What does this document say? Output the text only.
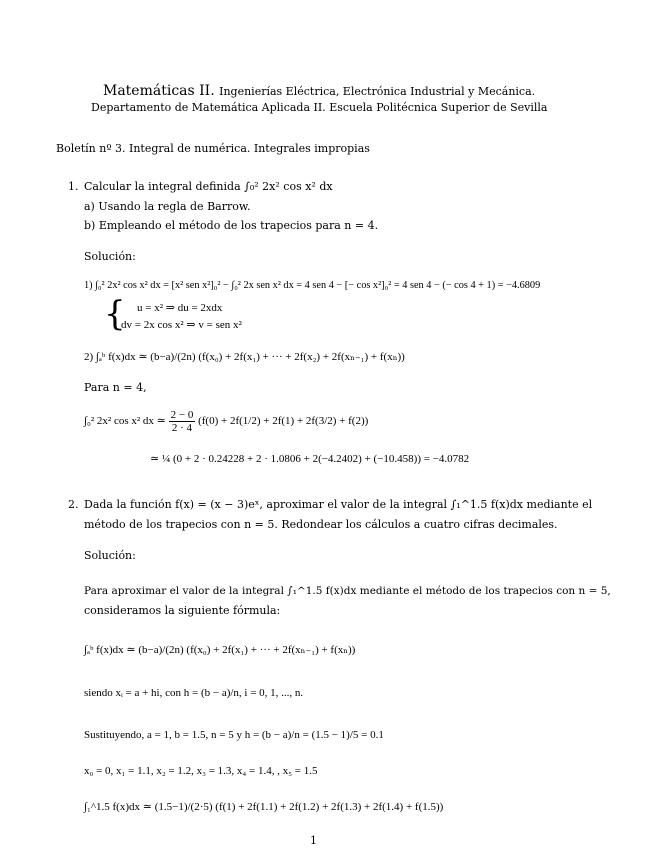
Matemáticas II. Ingenierías Eléctrica, Electrónica Industrial y Mecánica.
Departamento de Matemática Aplicada II. Escuela Politécnica Superior de Sevilla
Boletín nº 3. Integral de numérica. Integrales impropias
1. Calcular la integral definida ∫₀² 2x² cos x² dx
a) Usando la regla de Barrow.
b) Empleando el método de los trapecios para n = 4.
Solución:
1) ∫₀² 2x² cos x² dx = [x² sen x²]₀² − ∫₀² 2x sen x² dx = 4 sen 4 − [− cos x²]₀² = 4 sen 4 − (− cos 4 + 1) = −4.6809
{ u = x² ⇒ du = 2xdx
dv = 2x cos x² ⇒ v = sen x²
2) ∫ₐᵇ f(x)dx ≃ (b−a)/(2n) (f(x₀) + 2f(x₁) + ··· + 2f(x₂) + 2f(xₙ₋₁) + f(xₙ))
Para n = 4,
∫₀² 2x² cos x² dx ≃ $\frac{2 - 0}{2 \cdot 4} (f(0) + 2f(1/2) + 2f(1) + 2f(3/2) + f(2))$
≃ ¼ (0 + 2 · 0.24228 + 2 · 1.0806 + 2(−4.2402) + (−10.458)) = −4.0782
2. Dada la función f(x) = (x − 3)eˣ, aproximar el valor de la integral ∫₁^1.5 f(x)dx mediante el
método de los trapecios con n = 5. Redondear los cálculos a cuatro cifras decimales.
Solución:
Para aproximar el valor de la integral ∫₁^1.5 f(x)dx mediante el método de los trapecios con n = 5,
consideramos la siguiente fórmula:
∫ₐᵇ f(x)dx ≃ (b−a)/(2n) (f(x₀) + 2f(x₁) + ··· + 2f(xₙ₋₁) + f(xₙ))
siendo xᵢ = a + hi, con h = (b − a)/n, i = 0, 1, ..., n.
Sustituyendo, a = 1, b = 1.5, n = 5 y h = (b − a)/n = (1.5 − 1)/5 = 0.1
x₀ = 0, x₁ = 1.1, x₂ = 1.2, x₃ = 1.3, x₄ = 1.4, , x₅ = 1.5
∫₁^1.5 f(x)dx ≃ (1.5−1)/(2·5) (f(1) + 2f(1.1) + 2f(1.2) + 2f(1.3) + 2f(1.4) + f(1.5))
1
